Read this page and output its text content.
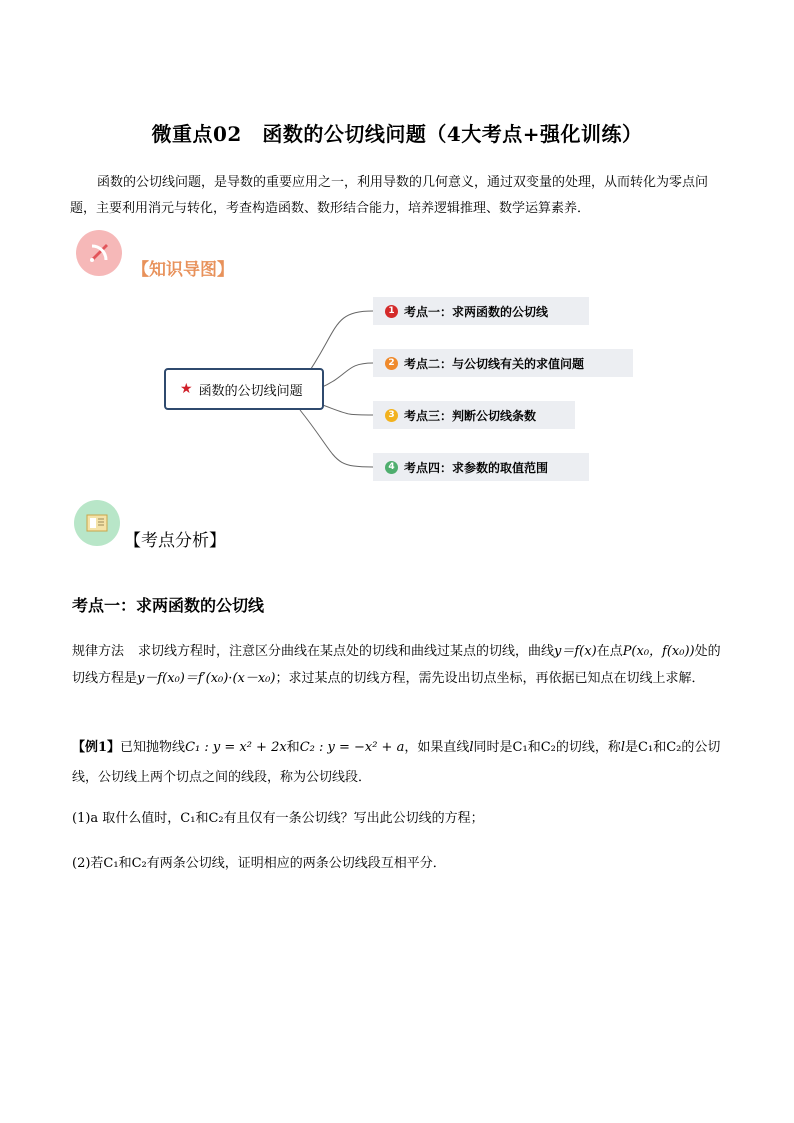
微重点02　函数的公切线问题（4大考点+强化训练）
函数的公切线问题，是导数的重要应用之一，利用导数的几何意义，通过双变量的处理，从而转化为零点问题，主要利用消元与转化，考查构造函数、数形结合能力，培养逻辑推理、数学运算素养．
【知识导图】
★ 函数的公切线问题
1 考点一：求两函数的公切线
2 考点二：与公切线有关的求值问题
3 考点三：判断公切线条数
4 考点四：求参数的取值范围
【考点分析】
考点一：求两函数的公切线
规律方法 求切线方程时，注意区分曲线在某点处的切线和曲线过某点的切线，曲线y＝f(x)在点P(x₀，f(x₀))处的切线方程是y－f(x₀)＝f′(x₀)·(x－x₀)；求过某点的切线方程，需先设出切点坐标，再依据已知点在切线上求解．
【例1】已知抛物线C₁ : y = x² + 2x和C₂ : y = −x² + a，如果直线l同时是C₁和C₂的切线，称l是C₁和C₂的公切线，公切线上两个切点之间的线段，称为公切线段．
(1)a 取什么值时，C₁和C₂有且仅有一条公切线？写出此公切线的方程；
(2)若C₁和C₂有两条公切线，证明相应的两条公切线段互相平分．
